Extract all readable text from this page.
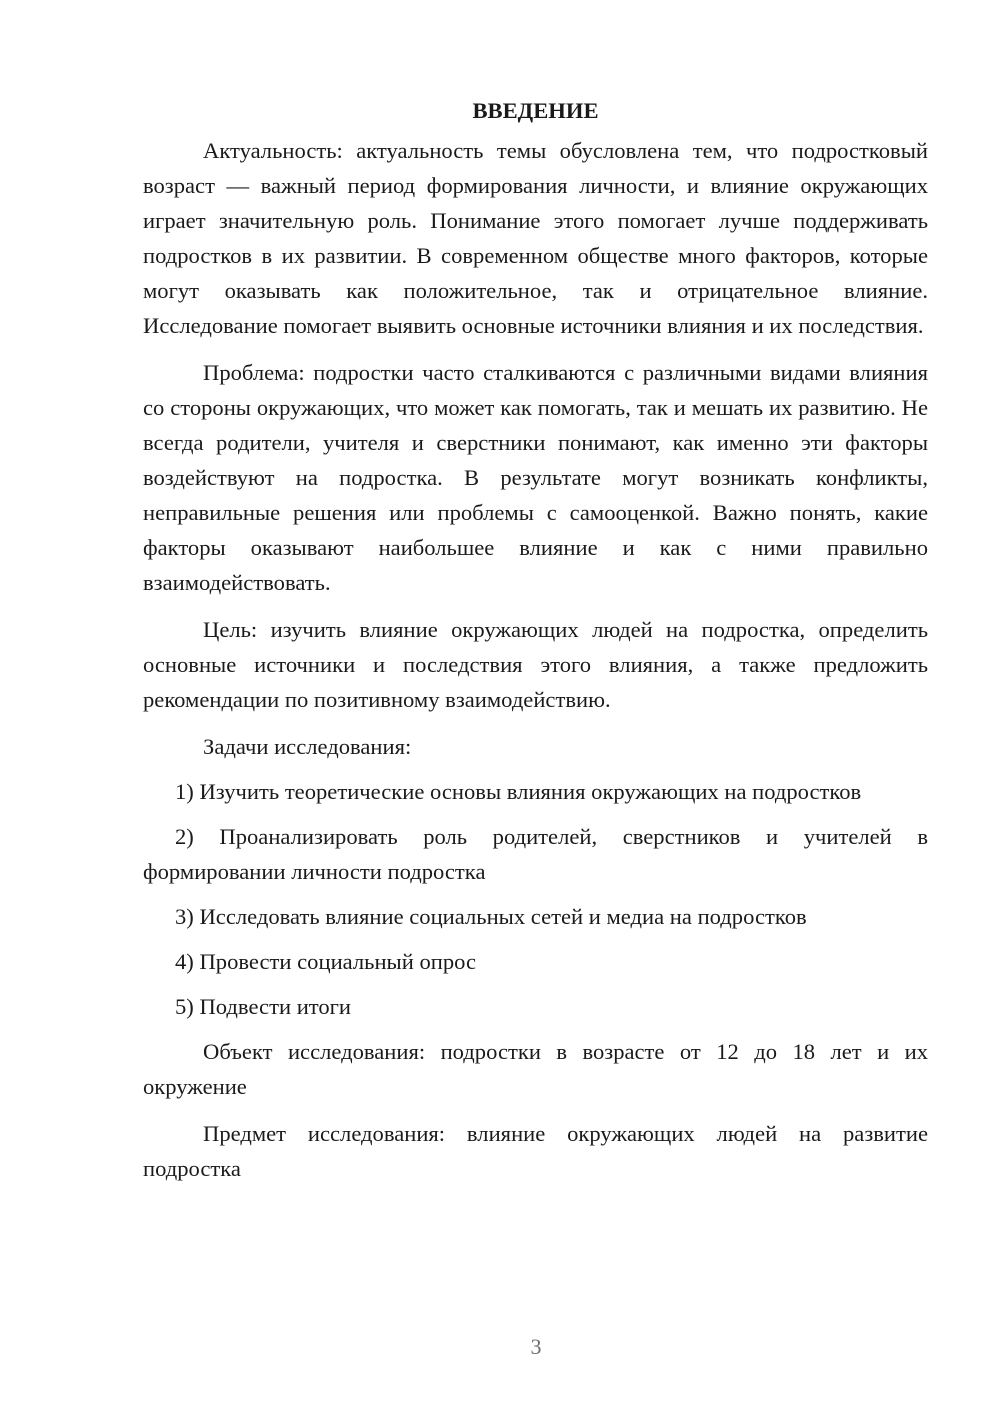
ВВЕДЕНИЕ

Актуальность: актуальность темы обусловлена тем, что подростковый возраст — важный период формирования личности, и влияние окружающих играет значительную роль. Понимание этого помогает лучше поддерживать подростков в их развитии. В современном обществе много факторов, которые могут оказывать как положительное, так и отрицательное влияние. Исследование помогает выявить основные источники влияния и их последствия.

Проблема: подростки часто сталкиваются с различными видами влияния со стороны окружающих, что может как помогать, так и мешать их развитию. Не всегда родители, учителя и сверстники понимают, как именно эти факторы воздействуют на подростка. В результате могут возникать конфликты, неправильные решения или проблемы с самооценкой. Важно понять, какие факторы оказывают наибольшее влияние и как с ними правильно взаимодействовать.

Цель: изучить влияние окружающих людей на подростка, определить основные источники и последствия этого влияния, а также предложить рекомендации по позитивному взаимодействию.

Задачи исследования:

1) Изучить теоретические основы влияния окружающих на подростков

2) Проанализировать роль родителей, сверстников и учителей в формировании личности подростка

3) Исследовать влияние социальных сетей и медиа на подростков

4) Провести социальный опрос

5) Подвести итоги

Объект исследования: подростки в возрасте от 12 до 18 лет и их окружение

Предмет исследования: влияние окружающих людей на развитие подростка

3
